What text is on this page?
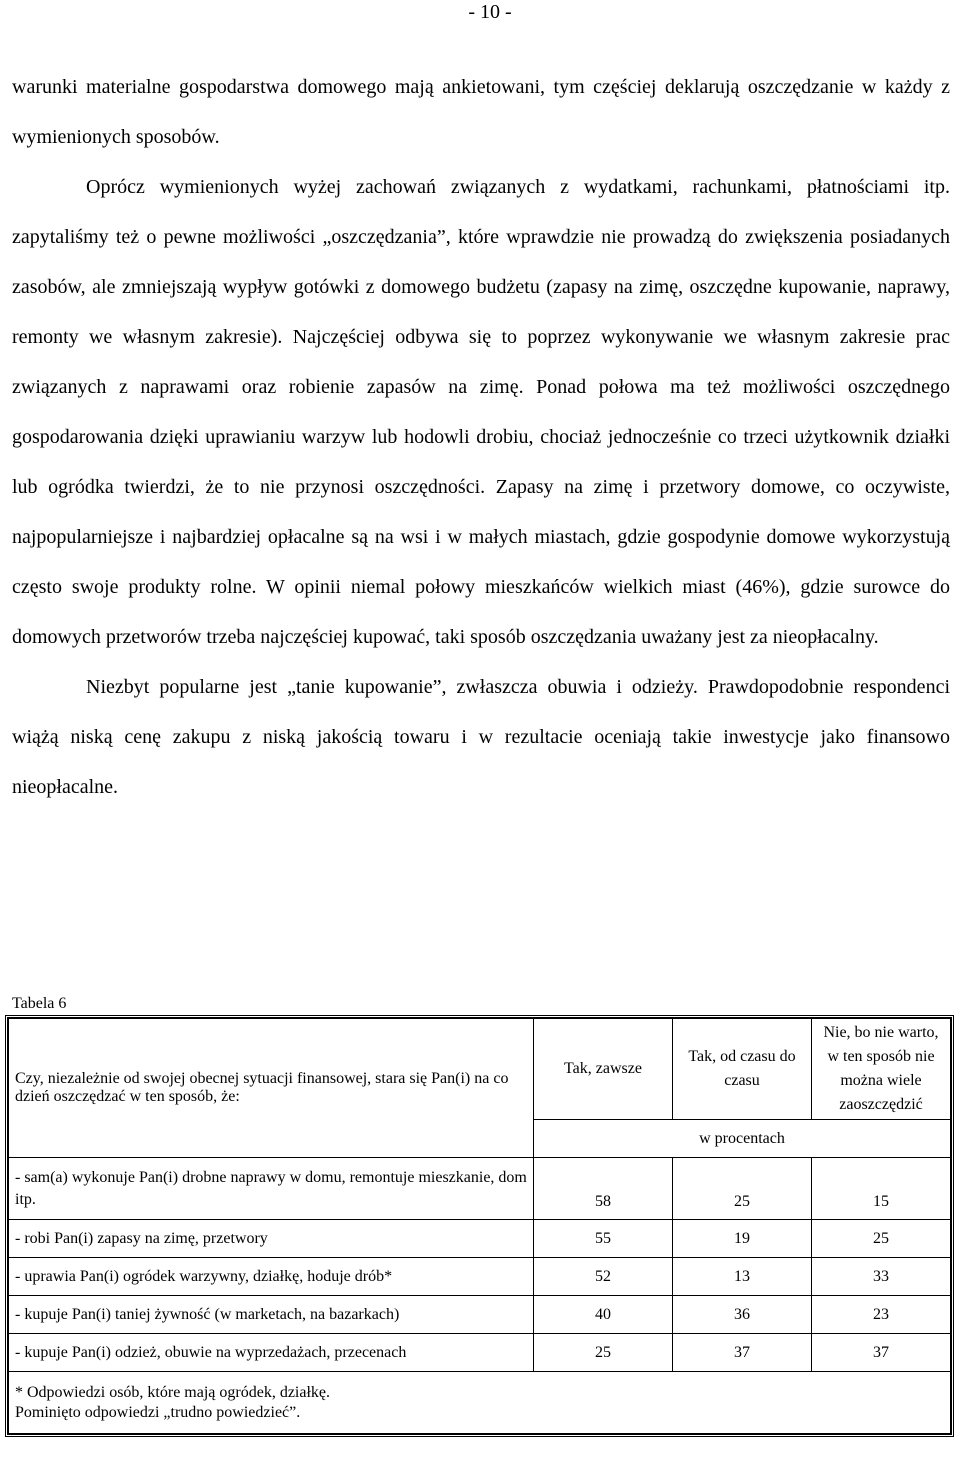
- 10 -

warunki materialne gospodarstwa domowego mają ankietowani, tym częściej deklarują oszczędzanie w każdy z wymienionych sposobów.

Oprócz wymienionych wyżej zachowań związanych z wydatkami, rachunkami, płatnościami itp. zapytaliśmy też o pewne możliwości „oszczędzania”, które wprawdzie nie prowadzą do zwiększenia posiadanych zasobów, ale zmniejszają wypływ gotówki z domowego budżetu (zapasy na zimę, oszczędne kupowanie, naprawy, remonty we własnym zakresie). Najczęściej odbywa się to poprzez wykonywanie we własnym zakresie prac związanych z naprawami oraz robienie zapasów na zimę. Ponad połowa ma też możliwości oszczędnego gospodarowania dzięki uprawianiu warzyw lub hodowli drobiu, chociaż jednocześnie co trzeci użytkownik działki lub ogródka twierdzi, że to nie przynosi oszczędności. Zapasy na zimę i przetwory domowe, co oczywiste, najpopularniejsze i najbardziej opłacalne są na wsi i w małych miastach, gdzie gospodynie domowe wykorzystują często swoje produkty rolne. W opinii niemal połowy mieszkańców wielkich miast (46%), gdzie surowce do domowych przetworów trzeba najczęściej kupować, taki sposób oszczędzania uważany jest za nieopłacalny.

Niezbyt popularne jest „tanie kupowanie”, zwłaszcza obuwia i odzieży. Prawdopodobnie respondenci wiążą niską cenę zakupu z niską jakością towaru i w rezultacie oceniają takie inwestycje jako finansowo nieopłacalne.

Tabela 6
Czy, niezależnie od swojej obecnej sytuacji finansowej, stara się Pan(i) na co dzień oszczędzać w ten sposób, że:	Tak, zawsze	Tak, od czasu do czasu	Nie, bo nie warto, w ten sposób nie można wiele zaoszczędzić
	w procentach		

- sam(a) wykonuje Pan(i) drobne naprawy w domu, remontuje mieszkanie, dom itp.	58	25	15
- robi Pan(i) zapasy na zimę, przetwory	55	19	25
- uprawia Pan(i) ogródek warzywny, działkę, hoduje drób*	52	13	33
- kupuje Pan(i) taniej żywność (w marketach, na bazarkach)	40	36	23
- kupuje Pan(i) odzież, obuwie na wyprzedażach, przecenach	25	37	37

* Odpowiedzi osób, które mają ogródek, działkę.
Pominięto odpowiedzi „trudno powiedzieć”.			
